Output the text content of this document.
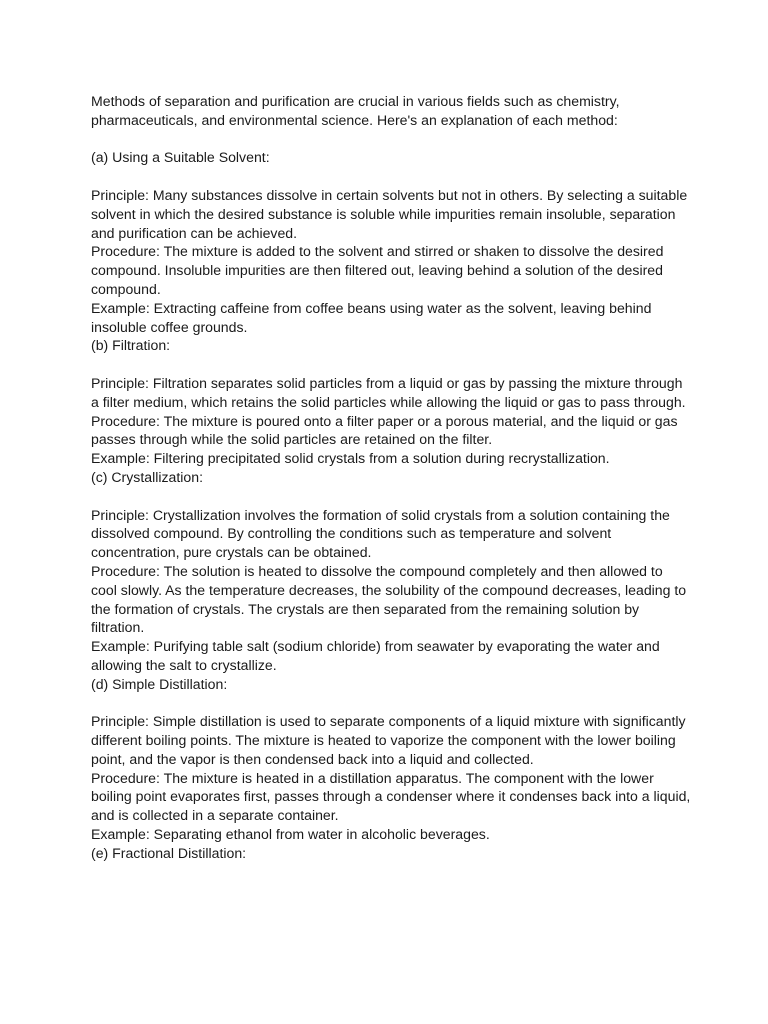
Methods of separation and purification are crucial in various fields such as chemistry, pharmaceuticals, and environmental science. Here's an explanation of each method:

(a) Using a Suitable Solvent:

Principle: Many substances dissolve in certain solvents but not in others. By selecting a suitable solvent in which the desired substance is soluble while impurities remain insoluble, separation and purification can be achieved.

Procedure: The mixture is added to the solvent and stirred or shaken to dissolve the desired compound. Insoluble impurities are then filtered out, leaving behind a solution of the desired compound.

Example: Extracting caffeine from coffee beans using water as the solvent, leaving behind insoluble coffee grounds.

(b) Filtration:

Principle: Filtration separates solid particles from a liquid or gas by passing the mixture through a filter medium, which retains the solid particles while allowing the liquid or gas to pass through.

Procedure: The mixture is poured onto a filter paper or a porous material, and the liquid or gas passes through while the solid particles are retained on the filter.

Example: Filtering precipitated solid crystals from a solution during recrystallization.

(c) Crystallization:

Principle: Crystallization involves the formation of solid crystals from a solution containing the dissolved compound. By controlling the conditions such as temperature and solvent concentration, pure crystals can be obtained.

Procedure: The solution is heated to dissolve the compound completely and then allowed to cool slowly. As the temperature decreases, the solubility of the compound decreases, leading to the formation of crystals. The crystals are then separated from the remaining solution by filtration.

Example: Purifying table salt (sodium chloride) from seawater by evaporating the water and allowing the salt to crystallize.

(d) Simple Distillation:

Principle: Simple distillation is used to separate components of a liquid mixture with significantly different boiling points. The mixture is heated to vaporize the component with the lower boiling point, and the vapor is then condensed back into a liquid and collected.

Procedure: The mixture is heated in a distillation apparatus. The component with the lower boiling point evaporates first, passes through a condenser where it condenses back into a liquid, and is collected in a separate container.

Example: Separating ethanol from water in alcoholic beverages.

(e) Fractional Distillation:
